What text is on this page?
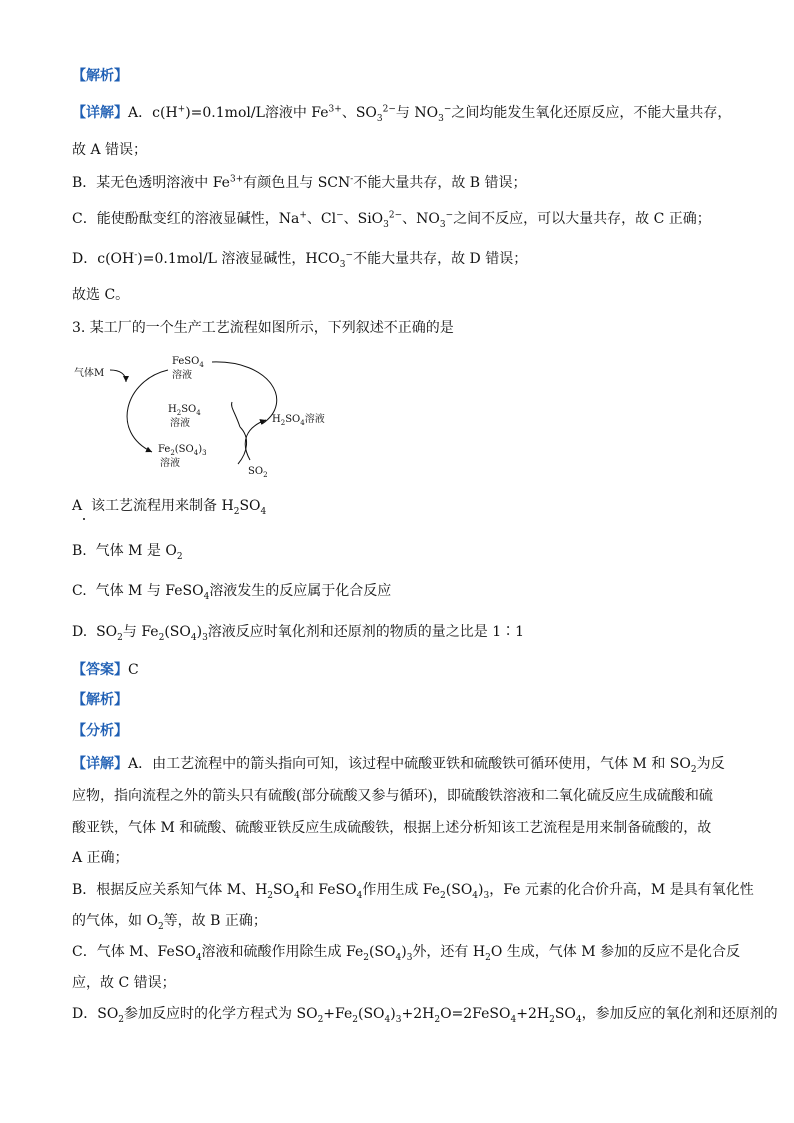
【解析】
【详解】A．c(H+)=0.1mol/L溶液中 $Fe^{3+}$、$SO_3^{2-}$与 $NO_3^-$之间均能发生氧化还原反应，不能大量共存，
故 A 错误；
B．某无色透明溶液中 $Fe^{3+}$有颜色且与 SCN-不能大量共存，故 B 错误；
C．能使酚酞变红的溶液显碱性，Na+、Cl−、SiO$_3^{2-}$、$NO_3^-$之间不反应，可以大量共存，故 C 正确；
D．c(OH-)=0.1mol/L 溶液显碱性，$HCO_3^-$不能大量共存，故 D 错误；
故选 C。
3. 某工厂的一个生产工艺流程如图所示，下列叙述不正确的是
气体M
FeSO$_4$
溶液
$H_2SO_4$
溶液
$Fe_2(SO_4)_3$
溶液
$H_2SO_4$溶液
$SO_2$
A 该工艺流程用来制备 $H_2SO_4$
B. 气体 M 是 $O_2$
C. 气体 M 与 FeSO$_4$溶液发生的反应属于化合反应
D. $SO_2$与 $Fe_2(SO_4)_3$溶液反应时氧化剂和还原剂的物质的量之比是 1∶1
【答案】C
【解析】
【分析】
【详解】A．由工艺流程中的箭头指向可知，该过程中硫酸亚铁和硫酸铁可循环使用，气体 M 和 $SO_2$为反
应物，指向流程之外的箭头只有硫酸(部分硫酸又参与循环)，即硫酸铁溶液和二氧化硫反应生成硫酸和硫
酸亚铁，气体 M 和硫酸、硫酸亚铁反应生成硫酸铁，根据上述分析知该工艺流程是用来制备硫酸的，故
A 正确；
B．根据反应关系知气体 M、$H_2SO_4$和 FeSO$_4$作用生成 $Fe_2(SO_4)_3$，Fe 元素的化合价升高，M 是具有氧化性
的气体，如 $O_2$等，故 B 正确；
C．气体 M、FeSO$_4$溶液和硫酸作用除生成 $Fe_2(SO_4)_3$外，还有 $H_2O$ 生成，气体 M 参加的反应不是化合反
应，故 C 错误；
D．$SO_2$参加反应时的化学方程式为 $SO_2+Fe_2(SO_4)_3+2H_2O=2FeSO_4+2H_2SO_4$，参加反应的氧化剂和还原剂的
